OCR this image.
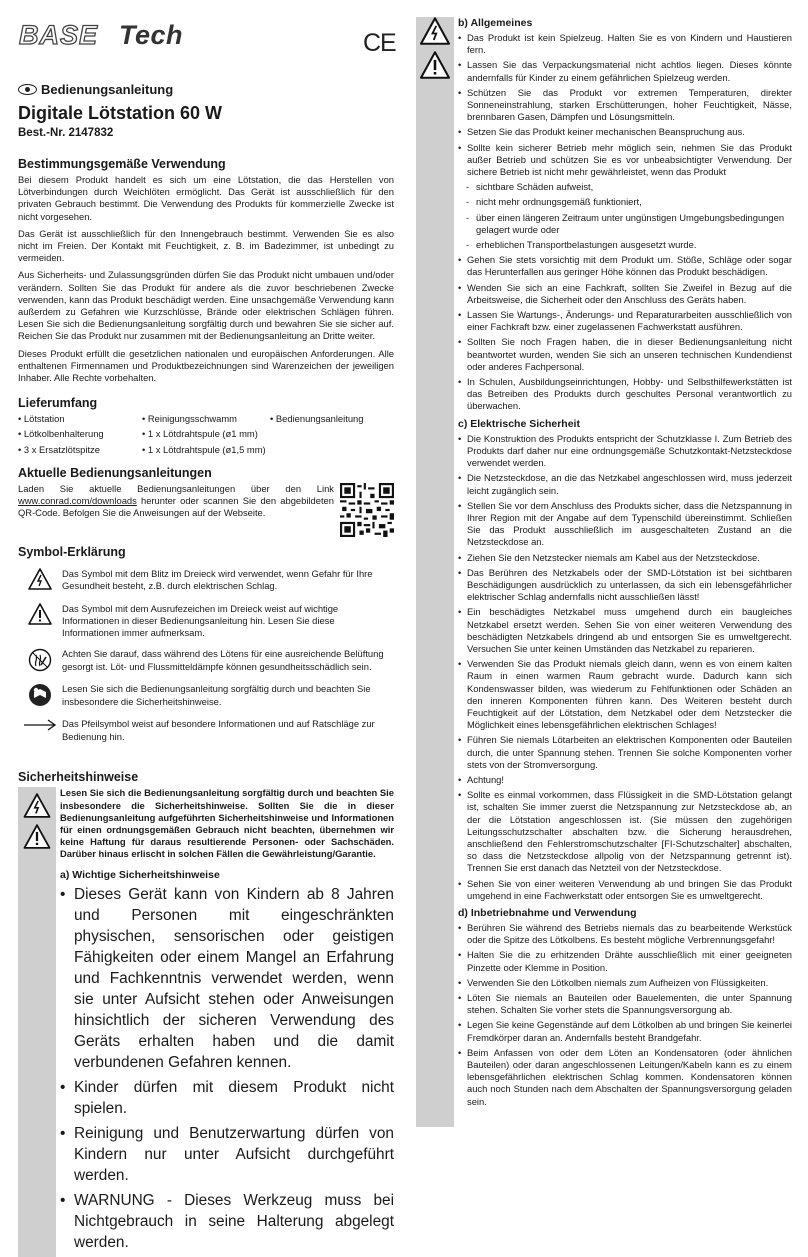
BASE Tech	CE
Bedienungsanleitung
Digitale Lötstation 60 W
Best.-Nr. 2147832
Bestimmungsgemäße Verwendung

Bei diesem Produkt handelt es sich um eine Lötstation, die das Herstellen von Lötverbindungen durch Weichlöten ermöglicht. Das Gerät ist ausschließlich für den privaten Gebrauch bestimmt. Die Verwendung des Produkts für kommerzielle Zwecke ist nicht vorgesehen.

Das Gerät ist ausschließlich für den Innengebrauch bestimmt. Verwenden Sie es also nicht im Freien. Der Kontakt mit Feuchtigkeit, z. B. im Badezimmer, ist unbedingt zu vermeiden.

Aus Sicherheits- und Zulassungsgründen dürfen Sie das Produkt nicht umbauen und/oder verändern. Sollten Sie das Produkt für andere als die zuvor beschriebenen Zwecke verwenden, kann das Produkt beschädigt werden. Eine unsachgemäße Verwendung kann außerdem zu Gefahren wie Kurzschlüsse, Brände oder elektrischen Schlägen führen. Lesen Sie sich die Bedienungsanleitung sorgfältig durch und bewahren Sie sie sicher auf. Reichen Sie das Produkt nur zusammen mit der Bedienungsanleitung an Dritte weiter.

Dieses Produkt erfüllt die gesetzlichen nationalen und europäischen Anforderungen. Alle enthaltenen Firmennamen und Produktbezeichnungen sind Warenzeichen der jeweiligen Inhaber. Alle Rechte vorbehalten.

Lieferumfang
• Lötstation	• Reinigungsschwamm	• Bedienungsanleitung
• Lötkolbenhalterung	• 1 x Lötdrahtspule (ø1 mm)
• 3 x Ersatzlötspitze	• 1 x Lötdrahtspule (ø1,5 mm)
Aktuelle Bedienungsanleitungen

Laden Sie aktuelle Bedienungsanleitungen über den Link www.conrad.com/downloads herunter oder scannen Sie den abgebildeten QR-Code. Befolgen Sie die Anweisungen auf der Webseite.

Symbol-Erklärung
Das Symbol mit dem Blitz im Dreieck wird verwendet, wenn Gefahr für Ihre Gesundheit besteht, z.B. durch elektrischen Schlag.
Das Symbol mit dem Ausrufezeichen im Dreieck weist auf wichtige Informationen in dieser Bedienungsanleitung hin. Lesen Sie diese Informationen immer aufmerksam.
Achten Sie darauf, dass während des Lötens für eine ausreichende Belüftung gesorgt ist. Löt- und Flussmitteldämpfe können gesundheitsschädlich sein.
Lesen Sie sich die Bedienungsanleitung sorgfältig durch und beachten Sie insbesondere die Sicherheitshinweise.
Das Pfeilsymbol weist auf besondere Informationen und auf Ratschläge zur Bedienung hin.
Sicherheitshinweise

Lesen Sie sich die Bedienungsanleitung sorgfältig durch und beachten Sie insbesondere die Sicherheitshinweise. Sollten Sie die in dieser Bedienungsanleitung aufgeführten Sicherheitshinweise und Informationen für einen ordnungsgemäßen Gebrauch nicht beachten, übernehmen wir keine Haftung für daraus resultierende Personen- oder Sachschäden. Darüber hinaus erlischt in solchen Fällen die Gewährleistung/Garantie.

a) Wichtige Sicherheitshinweise
• Dieses Gerät kann von Kindern ab 8 Jahren und Personen mit eingeschränkten physischen, sensorischen oder geistigen Fähigkeiten oder einem Mangel an Erfahrung und Fachkenntnis verwendet werden, wenn sie unter Aufsicht stehen oder Anweisungen hinsichtlich der sicheren Verwendung des Geräts erhalten haben und die damit verbundenen Gefahren kennen.
• Kinder dürfen mit diesem Produkt nicht spielen.
• Reinigung und Benutzerwartung dürfen von Kindern nur unter Aufsicht durchgeführt werden.
• WARNUNG - Dieses Werkzeug muss bei Nichtgebrauch in seine Halterung abgelegt werden.
b) Allgemeines
• Das Produkt ist kein Spielzeug. Halten Sie es von Kindern und Haustieren fern.
• Lassen Sie das Verpackungsmaterial nicht achtlos liegen. Dieses könnte andernfalls für Kinder zu einem gefährlichen Spielzeug werden.
• Schützen Sie das Produkt vor extremen Temperaturen, direkter Sonneneinstrahlung, starken Erschütterungen, hoher Feuchtigkeit, Nässe, brennbaren Gasen, Dämpfen und Lösungsmitteln.
• Setzen Sie das Produkt keiner mechanischen Beanspruchung aus.
• Sollte kein sicherer Betrieb mehr möglich sein, nehmen Sie das Produkt außer Betrieb und schützen Sie es vor unbeabsichtigter Verwendung. Der sichere Betrieb ist nicht mehr gewährleistet, wenn das Produkt
- sichtbare Schäden aufweist,
- nicht mehr ordnungsgemäß funktioniert,
- über einen längeren Zeitraum unter ungünstigen Umgebungsbedingungen gelagert wurde oder
- erheblichen Transportbelastungen ausgesetzt wurde.
• Gehen Sie stets vorsichtig mit dem Produkt um. Stöße, Schläge oder sogar das Herunterfallen aus geringer Höhe können das Produkt beschädigen.
• Wenden Sie sich an eine Fachkraft, sollten Sie Zweifel in Bezug auf die Arbeitsweise, die Sicherheit oder den Anschluss des Geräts haben.
• Lassen Sie Wartungs-, Änderungs- und Reparaturarbeiten ausschließlich von einer Fachkraft bzw. einer zugelassenen Fachwerkstatt ausführen.
• Sollten Sie noch Fragen haben, die in dieser Bedienungsanleitung nicht beantwortet wurden, wenden Sie sich an unseren technischen Kundendienst oder anderes Fachpersonal.
• In Schulen, Ausbildungseinrichtungen, Hobby- und Selbsthilfewerkstätten ist das Betreiben des Produkts durch geschultes Personal verantwortlich zu überwachen.
c) Elektrische Sicherheit
• Die Konstruktion des Produkts entspricht der Schutzklasse I. Zum Betrieb des Produkts darf daher nur eine ordnungsgemäße Schutzkontakt-Netzsteckdose verwendet werden.
• Die Netzsteckdose, an die das Netzkabel angeschlossen wird, muss jederzeit leicht zugänglich sein.
• Stellen Sie vor dem Anschluss des Produkts sicher, dass die Netzspannung in Ihrer Region mit der Angabe auf dem Typenschild übereinstimmt. Schließen Sie das Produkt ausschließlich im ausgeschalteten Zustand an die Netzsteckdose an.
• Ziehen Sie den Netzstecker niemals am Kabel aus der Netzsteckdose.
• Das Berühren des Netzkabels oder der SMD-Lötstation ist bei sichtbaren Beschädigungen ausdrücklich zu unterlassen, da sich ein lebensgefährlicher elektrischer Schlag andernfalls nicht ausschließen lässt!
• Ein beschädigtes Netzkabel muss umgehend durch ein baugleiches Netzkabel ersetzt werden. Sehen Sie von einer weiteren Verwendung des beschädigten Netzkabels dringend ab und entsorgen Sie es umweltgerecht. Versuchen Sie unter keinen Umständen das Netzkabel zu reparieren.
• Verwenden Sie das Produkt niemals gleich dann, wenn es von einem kalten Raum in einen warmen Raum gebracht wurde. Dadurch kann sich Kondenswasser bilden, was wiederum zu Fehlfunktionen oder Schäden an den inneren Komponenten führen kann. Des Weiteren besteht durch Feuchtigkeit auf der Lötstation, dem Netzkabel oder dem Netzstecker die Möglichkeit eines lebensgefährlichen elektrischen Schlages!
• Führen Sie niemals Lötarbeiten an elektrischen Komponenten oder Bauteilen durch, die unter Spannung stehen. Trennen Sie solche Komponenten vorher stets von der Stromversorgung.
• Achtung!
• Sollte es einmal vorkommen, dass Flüssigkeit in die SMD-Lötstation gelangt ist, schalten Sie immer zuerst die Netzspannung zur Netzsteckdose ab, an der die Lötstation angeschlossen ist. (Sie müssen den zugehörigen Leitungsschutzschalter abschalten bzw. die Sicherung herausdrehen, anschließend den Fehlerstromschutzschalter [FI-Schutzschalter] abschalten, so dass die Netzsteckdose allpolig von der Netzspannung getrennt ist). Trennen Sie erst danach das Netzteil von der Netzsteckdose.
• Sehen Sie von einer weiteren Verwendung ab und bringen Sie das Produkt umgehend in eine Fachwerkstatt oder entsorgen Sie es umweltgerecht.
d) Inbetriebnahme und Verwendung
• Berühren Sie während des Betriebs niemals das zu bearbeitende Werkstück oder die Spitze des Lötkolbens. Es besteht mögliche Verbrennungsgefahr!
• Halten Sie die zu erhitzenden Drähte ausschließlich mit einer geeigneten Pinzette oder Klemme in Position.
• Verwenden Sie den Lötkolben niemals zum Aufheizen von Flüssigkeiten.
• Löten Sie niemals an Bauteilen oder Bauelementen, die unter Spannung stehen. Schalten Sie vorher stets die Spannungsversorgung ab.
• Legen Sie keine Gegenstände auf dem Lötkolben ab und bringen Sie keinerlei Fremdkörper daran an. Andernfalls besteht Brandgefahr.
• Beim Anfassen von oder dem Löten an Kondensatoren (oder ähnlichen Bauteilen) oder daran angeschlossenen Leitungen/Kabeln kann es zu einem lebensgefährlichen elektrischen Schlag kommen. Kondensatoren können auch noch Stunden nach dem Abschalten der Spannungsversorgung geladen sein.
